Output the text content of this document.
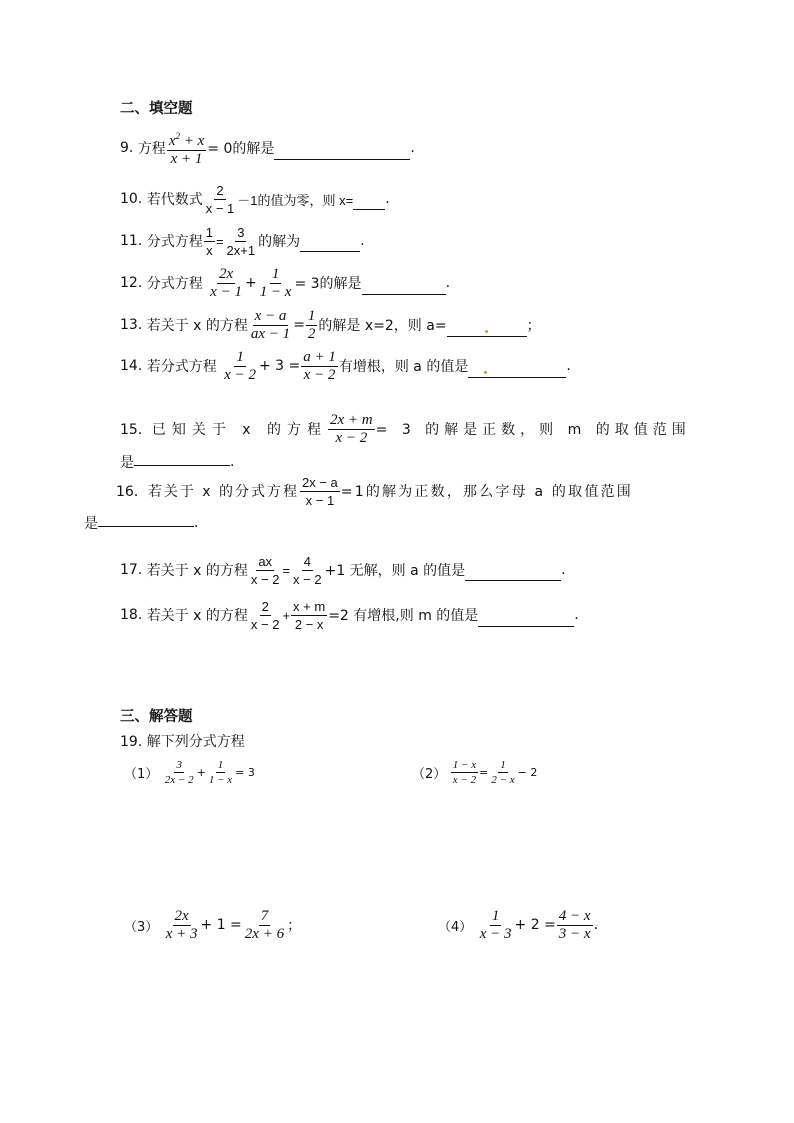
二、填空题
9.
方程 $\frac{x^2 + x}{x + 1} = 0$的解是	.
10.
若代数式 $\frac{2}{x - 1} -1$的值为零，则 x= .
11.
分式方程 $\frac{1}{x} = \frac{3}{2x+1}$ 的解为	.
12.
分式方程
$\frac{2x}{x - 1} + \frac{1}{1 - x} = 3$的解是	.
13.
若关于 x 的方程 $\frac{x - a}{ax - 1} = \frac{1}{2}$ 的解是 x=2，则 a=	；
14.
若分式方程
$\frac{1}{x - 2} + 3 = \frac{a + 1}{x - 2}$ 有增根，则 a 的值是	.
15． 已知关于 x 的方程 $\frac{2x + m}{x - 2} = 3$ 的解是正数，则 m 的取值范围
是	.
16． 若关于 x 的分式方程 $\frac{2x - a}{x - 1} =1$的解为正数，那么字母 a 的取值范围
是	.
17.
若关于 x 的方程 $\frac{ax}{x - 2} = \frac{4}{x - 2} +1$ 无解，则 a 的值是	.
18.
若关于 x 的方程 $\frac{2}{x - 2} + \frac{x + m}{2 - x} =2$ 有增根,则 m 的值是	.
三、解答题
19. 解下列分式方程
（1）
$\frac{3}{2x - 2} + \frac{1}{1 - x} = 3$	（2）
$\frac{1 - x}{x - 2} = \frac{1}{2 - x} - 2$
（3）
$\frac{2x}{x + 3} + 1 = \frac{7}{2x + 6}$ ；	（4）
$\frac{1}{x - 3} + 2 = \frac{4 - x}{3 - x}$ .
